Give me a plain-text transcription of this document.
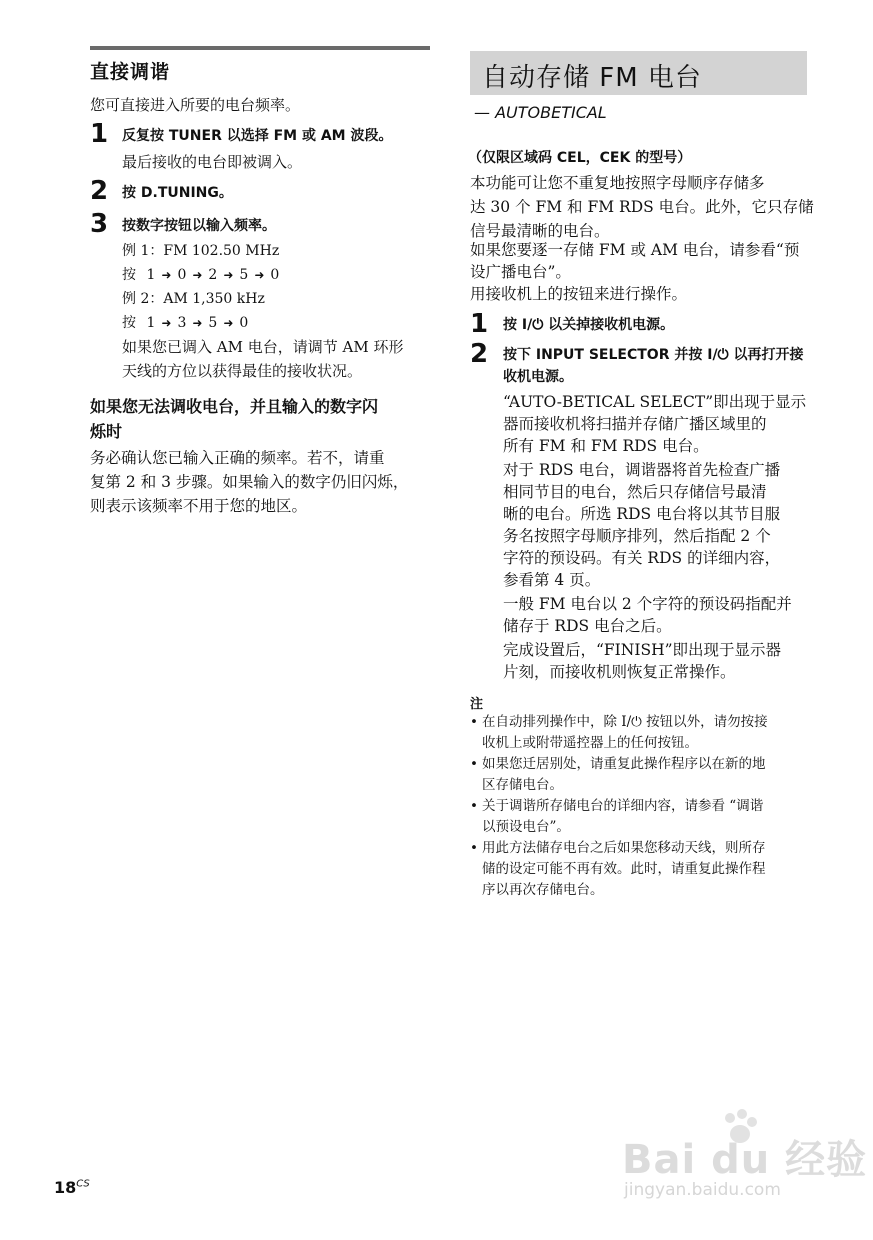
直接调谐
您可直接进入所要的电台频率。
1 反复按 TUNER 以选择 FM 或 AM 波段。
最后接收的电台即被调入。
2 按 D.TUNING。
3 按数字按钮以输入频率。
例 1：FM 102.50 MHz
按 1 ➜ 0 ➜ 2 ➜ 5 ➜ 0
例 2：AM 1,350 kHz
按 1 ➜ 3 ➜ 5 ➜ 0
如果您已调入 AM 电台，请调节 AM 环形
天线的方位以获得最佳的接收状况。
如果您无法调收电台，并且输入的数字闪
烁时
务必确认您已输入正确的频率。若不，请重
复第 2 和 3 步骤。如果输入的数字仍旧闪烁，
则表示该频率不用于您的地区。
自动存储 FM 电台
— AUTOBETICAL
（仅限区域码 CEL，CEK 的型号）
本功能可让您不重复地按照字母顺序存储多
达 30 个 FM 和 FM RDS 电台。此外，它只存储
信号最清晰的电台。
如果您要逐一存储 FM 或 AM 电台，请参看“预
设广播电台”。
用接收机上的按钮来进行操作。
1 按 I/⏻ 以关掉接收机电源。
2 按下 INPUT SELECTOR 并按 I/⏻ 以再打开接
收机电源。
“AUTO-BETICAL SELECT”即出现于显示
器而接收机将扫描并存储广播区域里的
所有 FM 和 FM RDS 电台。
对于 RDS 电台，调谐器将首先检查广播
相同节目的电台，然后只存储信号最清
晰的电台。所选 RDS 电台将以其节目服
务名按照字母顺序排列，然后指配 2 个
字符的预设码。有关 RDS 的详细内容，
参看第 4 页。
一般 FM 电台以 2 个字符的预设码指配并
储存于 RDS 电台之后。
完成设置后，“FINISH”即出现于显示器
片刻，而接收机则恢复正常操作。
注
• 在自动排列操作中，除 I/⏻ 按钮以外，请勿按接
收机上或附带遥控器上的任何按钮。
• 如果您迁居别处，请重复此操作程序以在新的地
区存储电台。
• 关于调谐所存储电台的详细内容，请参看 “调谐
以预设电台”。
• 用此方法储存电台之后如果您移动天线，则所存
储的设定可能不再有效。此时，请重复此操作程
序以再次存储电台。
$18^{CS}$
Bai du 经验
jingyan.baidu.com
